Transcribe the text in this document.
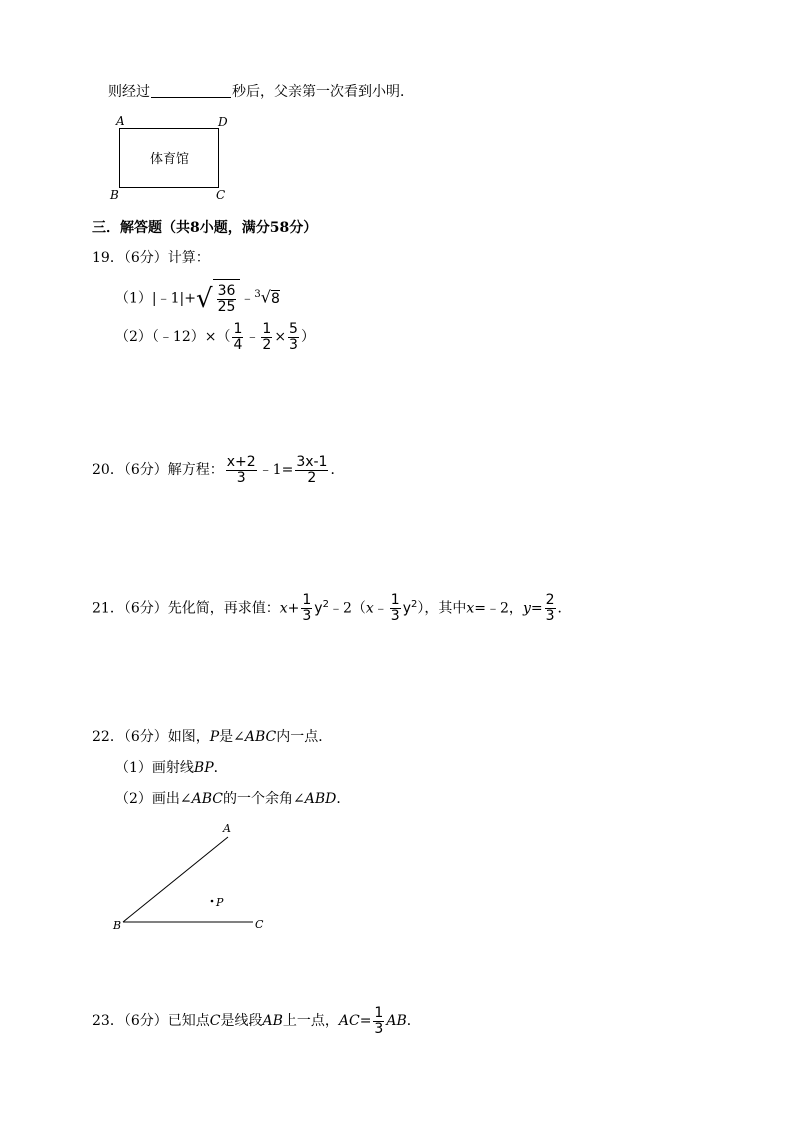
则经过	秒后，父亲第一次看到小明．
A	D
体育馆
B	C
三．解答题（共8小题，满分58分）
19．（6分）计算：
（1）|﹣1|+√ $\frac{36}{25}$ ﹣$^3$√8
（2）（﹣12）×（ $\frac{1}{4}$ ﹣ $\frac{1}{2} \times \frac{5}{3}$ ）
20．（6分）解方程： $\frac{x+2}{3}$ ﹣1= $\frac{3x-1}{2}$ ．
21．（6分）先化简，再求值：$x+ \frac{1}{3}$ $y^2﹣2(x﹣ \frac{1}{3} y^2)$，其中x=﹣2，$y= \frac{2}{3}$ ．
22．（6分）如图，P是∠ABC内一点．
（1）画射线BP．
（2）画出∠ABC的一个余角∠ABD．
A
B	C
P
23．（6分）已知点C是线段AB上一点，$AC= \frac{1}{3}$ AB．
